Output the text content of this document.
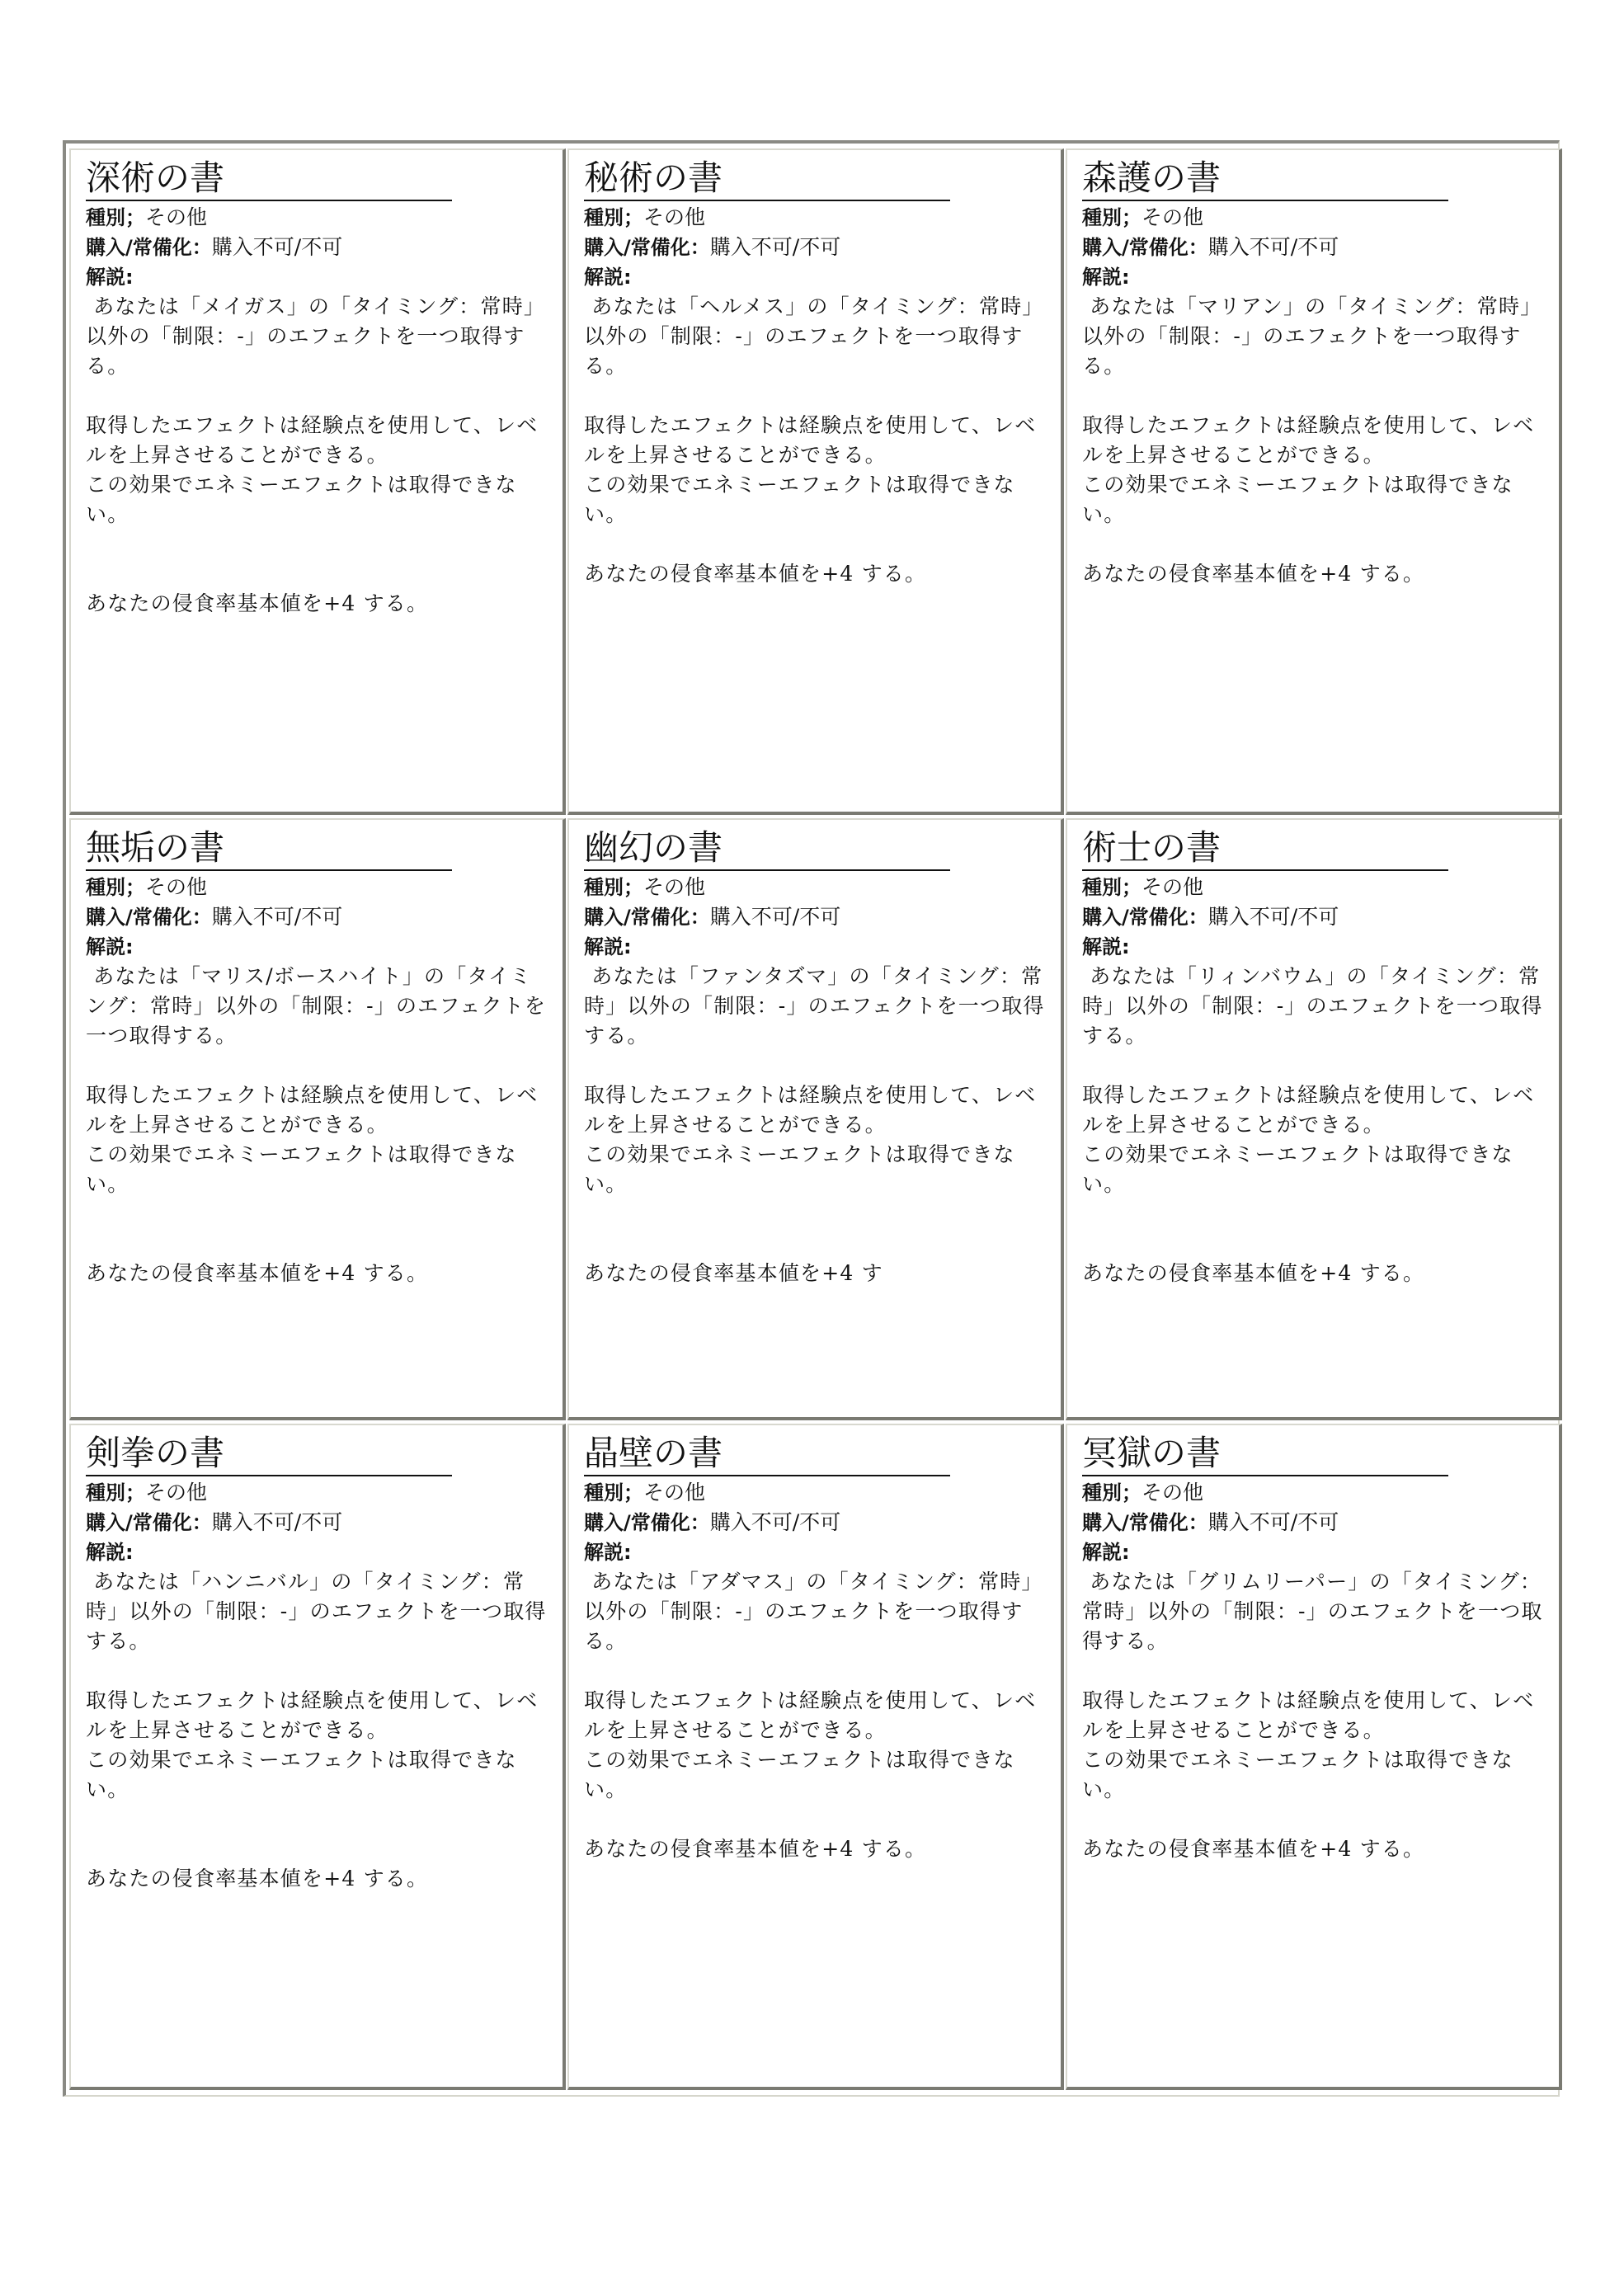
深術の書
種別；その他
購入/常備化：購入不可/不可
解説:

あなたは「メイガス」の「タイミング：常時」以外の「制限：-」のエフェクトを一つ取得する。

取得したエフェクトは経験点を使用して、レベルを上昇させることができる。
この効果でエネミーエフェクトは取得できない。

あなたの侵食率基本値を+4 する。

秘術の書
種別；その他
購入/常備化：購入不可/不可
解説:

あなたは「ヘルメス」の「タイミング：常時」以外の「制限：-」のエフェクトを一つ取得する。

取得したエフェクトは経験点を使用して、レベルを上昇させることができる。
この効果でエネミーエフェクトは取得できない。

あなたの侵食率基本値を+4 する。

森護の書
種別；その他
購入/常備化：購入不可/不可
解説:

あなたは「マリアン」の「タイミング：常時」以外の「制限：-」のエフェクトを一つ取得する。

取得したエフェクトは経験点を使用して、レベルを上昇させることができる。
この効果でエネミーエフェクトは取得できない。

あなたの侵食率基本値を+4 する。

無垢の書
種別；その他
購入/常備化：購入不可/不可
解説:

あなたは「マリス/ボースハイト」の「タイミング：常時」以外の「制限：-」のエフェクトを一つ取得する。

取得したエフェクトは経験点を使用して、レベルを上昇させることができる。
この効果でエネミーエフェクトは取得できない。

あなたの侵食率基本値を+4 する。

幽幻の書
種別；その他
購入/常備化：購入不可/不可
解説:

あなたは「ファンタズマ」の「タイミング：常時」以外の「制限：-」のエフェクトを一つ取得する。

取得したエフェクトは経験点を使用して、レベルを上昇させることができる。
この効果でエネミーエフェクトは取得できない。

あなたの侵食率基本値を+4 す

術士の書
種別；その他
購入/常備化：購入不可/不可
解説:

あなたは「リィンバウム」の「タイミング：常時」以外の「制限：-」のエフェクトを一つ取得する。

取得したエフェクトは経験点を使用して、レベルを上昇させることができる。
この効果でエネミーエフェクトは取得できない。

あなたの侵食率基本値を+4 する。

剣拳の書
種別；その他
購入/常備化：購入不可/不可
解説:

あなたは「ハンニバル」の「タイミング：常時」以外の「制限：-」のエフェクトを一つ取得する。

取得したエフェクトは経験点を使用して、レベルを上昇させることができる。
この効果でエネミーエフェクトは取得できない。

あなたの侵食率基本値を+4 する。

晶壁の書
種別；その他
購入/常備化：購入不可/不可
解説:

あなたは「アダマス」の「タイミング：常時」以外の「制限：-」のエフェクトを一つ取得する。

取得したエフェクトは経験点を使用して、レベルを上昇させることができる。
この効果でエネミーエフェクトは取得できない。

あなたの侵食率基本値を+4 する。

冥獄の書
種別；その他
購入/常備化：購入不可/不可
解説:

あなたは「グリムリーパー」の「タイミング：常時」以外の「制限：-」のエフェクトを一つ取得する。

取得したエフェクトは経験点を使用して、レベルを上昇させることができる。
この効果でエネミーエフェクトは取得できない。

あなたの侵食率基本値を+4 する。
